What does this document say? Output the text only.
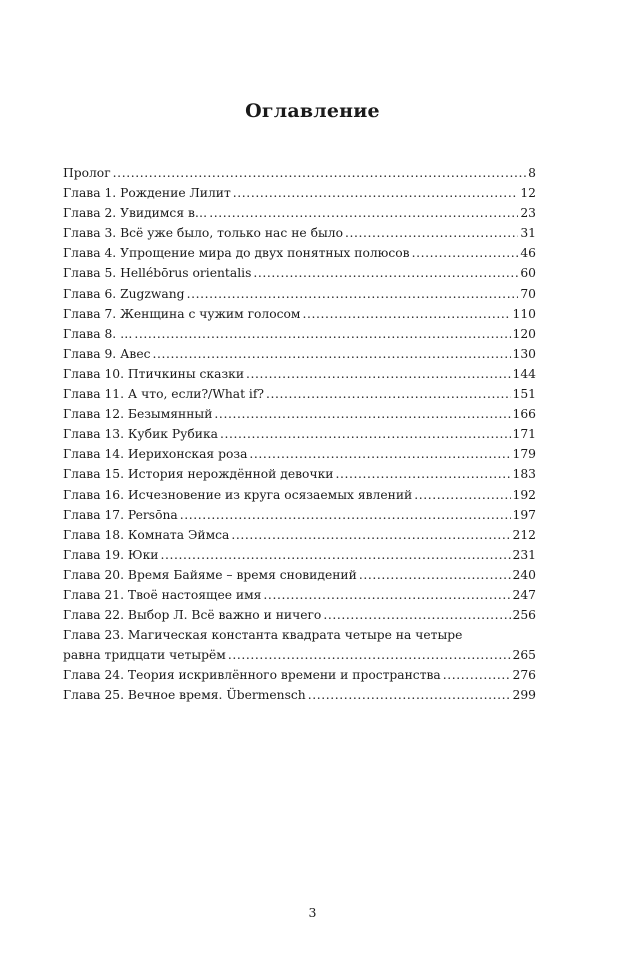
Оглавление
Пролог .....	8
Глава 1. Рождение Лилит .....	12
Глава 2. Увидимся в… .....	23
Глава 3. Всё уже было, только нас не было .....	31
Глава 4. Упрощение мира до двух понятных полюсов .....	46
Глава 5. Hellébōrus orientalis .....	60
Глава 6. Zugzwang .....	70
Глава 7. Женщина с чужим голосом .....	110
Глава 8. … .....	120
Глава 9. Авес .....	130
Глава 10. Птичкины сказки .....	144
Глава 11. А что, если?/What if? .....	151
Глава 12. Безымянный .....	166
Глава 13. Кубик Рубика .....	171
Глава 14. Иерихонская роза .....	179
Глава 15. История нерождённой девочки .....	183
Глава 16. Исчезновение из круга осязаемых явлений .....	192
Глава 17. Persōna .....	197
Глава 18. Комната Эймса .....	212
Глава 19. Юки .....	231
Глава 20. Время Байяме – время сновидений .....	240
Глава 21. Твоё настоящее имя .....	247
Глава 22. Выбор Л. Всё важно и ничего .....	256
Глава 23. Магическая константа квадрата четыре на четыре
равна тридцати четырём .....	265
Глава 24. Теория искривлённого времени и пространства .....	276
Глава 25. Вечное время. Übermensch .....	299
3
